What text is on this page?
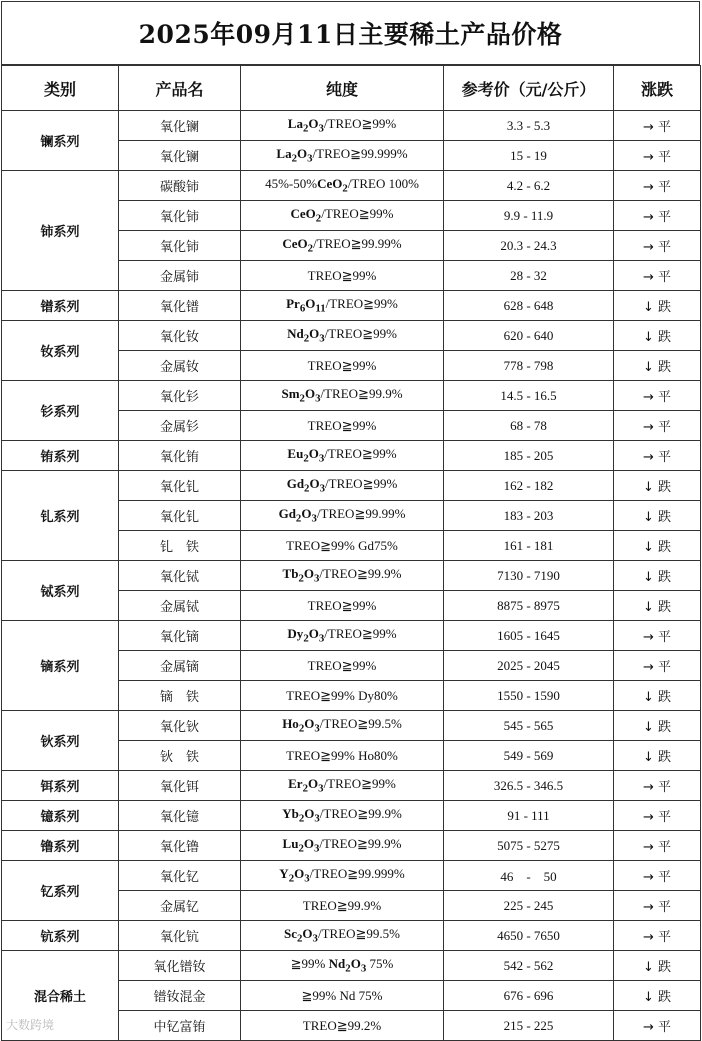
2025年09月11日主要稀土产品价格
类别	产品名	纯度	参考价（元/公斤）	涨跌
镧系列	氧化镧	$La_2O_3/TREO≧99\%$	3.3 - 5.3	→ 平
	氧化镧	$La_2O_3/TREO≧99.999\%$	15 - 19	→ 平
铈系列	碳酸铈	45%-50%CeO$_2$/TREO 100%	4.2 - 6.2	→ 平
	氧化铈	CeO$_2$/TREO≧99%	9.9 - 11.9	→ 平
	氧化铈	CeO$_2$/TREO≧99.99%	20.3 - 24.3	→ 平
	金属铈	TREO≧99%	28 - 32	→ 平
镨系列	氧化镨	$Pr_6O_{11}/TREO≧99\%$	628 - 648	↓ 跌
钕系列	氧化钕	$Nd_2O_3/TREO≧99\%$	620 - 640	↓ 跌
	金属钕	TREO≧99%	778 - 798	↓ 跌
钐系列	氧化钐	$Sm_2O_3/TREO≧99.9\%$	14.5 - 16.5	→ 平
	金属钐	TREO≧99%	68 - 78	→ 平
铕系列	氧化铕	$Eu_2O_3/TREO≧99\%$	185 - 205	→ 平
钆系列	氧化钆	$Gd_2O_3/TREO≧99\%$	162 - 182	↓ 跌
	氧化钆	$Gd_2O_3/TREO≧99.99\%$	183 - 203	↓ 跌
	钆　铁	TREO≧99% Gd75%	161 - 181	↓ 跌
铽系列	氧化铽	$Tb_2O_3/TREO≧99.9\%$	7130 - 7190	↓ 跌
	金属铽	TREO≧99%	8875 - 8975	↓ 跌
镝系列	氧化镝	$Dy_2O_3/TREO≧99\%$	1605 - 1645	→ 平
	金属镝	TREO≧99%	2025 - 2045	→ 平
	镝　铁	TREO≧99% Dy80%	1550 - 1590	↓ 跌
钬系列	氧化钬	$Ho_2O_3/TREO≧99.5\%$	545 - 565	↓ 跌
	钬　铁	TREO≧99% Ho80%	549 - 569	↓ 跌
铒系列	氧化铒	$Er_2O_3/TREO≧99\%$	326.5 - 346.5	→ 平
镱系列	氧化镱	$Yb_2O_3/TREO≧99.9\%$	91 - 111	→ 平
镥系列	氧化镥	$Lu_2O_3/TREO≧99.9\%$	5075 - 5275	→ 平
钇系列	氧化钇	$Y_2O_3/TREO≧99.999\%$	46　-　50	→ 平
	金属钇	TREO≧99.9%	225 - 245	→ 平
钪系列	氧化钪	$Sc_2O_3/TREO≧99.5\%$	4650 - 7650	→ 平
混合稀土	氧化镨钕	≧99% $Nd_2O_3$ 75%	542 - 562	↓ 跌
	镨钕混金	≧99% Nd 75%	676 - 696	↓ 跌
	中钇富铕	TREO≧99.2%	215 - 225	→ 平
大数跨境
